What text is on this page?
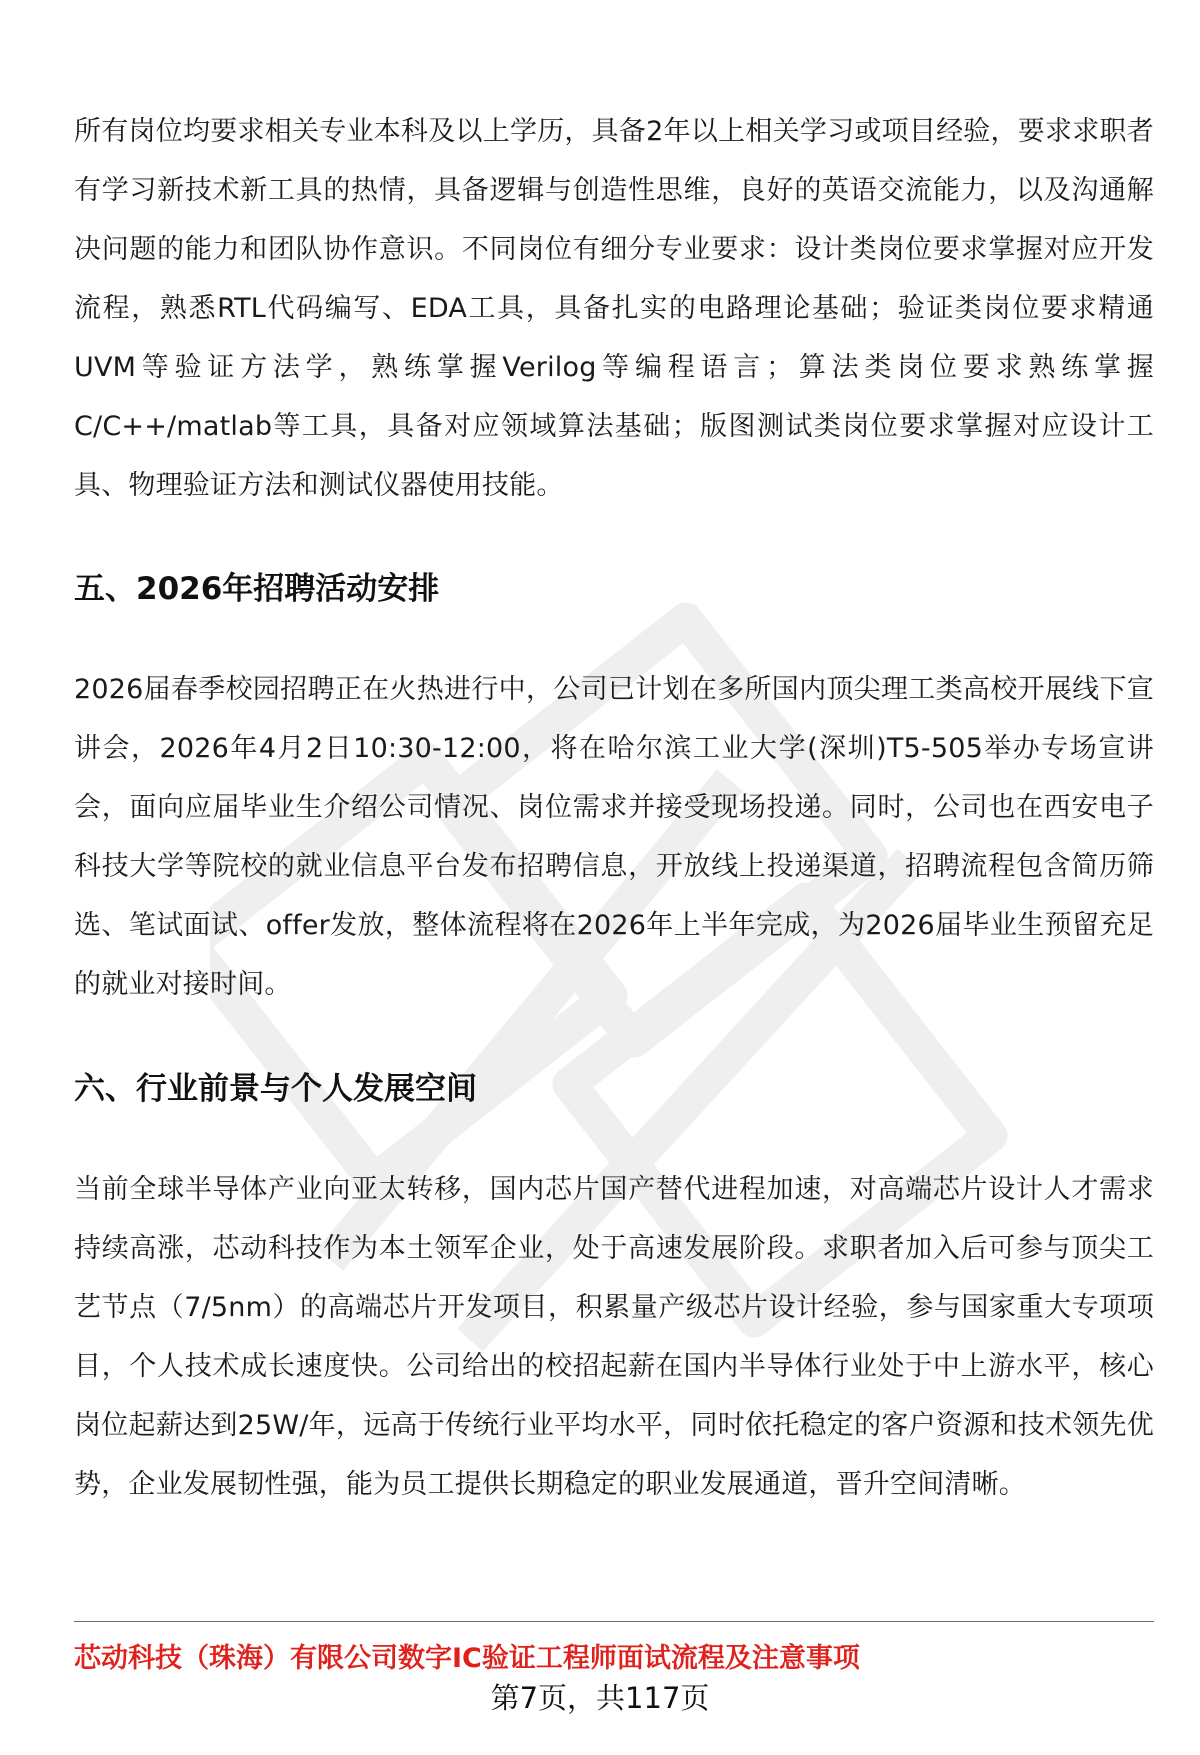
所有岗位均要求相关专业本科及以上学历，具备2年以上相关学习或项目经验，要求求职者有学习新技术新工具的热情，具备逻辑与创造性思维，良好的英语交流能力，以及沟通解决问题的能力和团队协作意识。不同岗位有细分专业要求：设计类岗位要求掌握对应开发流程，熟悉RTL代码编写、EDA工具，具备扎实的电路理论基础；验证类岗位要求精通UVM等验证方法学，熟练掌握Verilog等编程语言；算法类岗位要求熟练掌握C/C++/matlab等工具，具备对应领域算法基础；版图测试类岗位要求掌握对应设计工具、物理验证方法和测试仪器使用技能。

五、2026年招聘活动安排

2026届春季校园招聘正在火热进行中，公司已计划在多所国内顶尖理工类高校开展线下宣讲会，2026年4月2日10:30-12:00，将在哈尔滨工业大学(深圳)T5-505举办专场宣讲会，面向应届毕业生介绍公司情况、岗位需求并接受现场投递。同时，公司也在西安电子科技大学等院校的就业信息平台发布招聘信息，开放线上投递渠道，招聘流程包含简历筛选、笔试面试、offer发放，整体流程将在2026年上半年完成，为2026届毕业生预留充足的就业对接时间。

六、行业前景与个人发展空间

当前全球半导体产业向亚太转移，国内芯片国产替代进程加速，对高端芯片设计人才需求持续高涨，芯动科技作为本土领军企业，处于高速发展阶段。求职者加入后可参与顶尖工艺节点（7/5nm）的高端芯片开发项目，积累量产级芯片设计经验，参与国家重大专项项目，个人技术成长速度快。公司给出的校招起薪在国内半导体行业处于中上游水平，核心岗位起薪达到25W/年，远高于传统行业平均水平，同时依托稳定的客户资源和技术领先优势，企业发展韧性强，能为员工提供长期稳定的职业发展通道，晋升空间清晰。

芯动科技（珠海）有限公司数字IC验证工程师面试流程及注意事项
第7页，共117页
